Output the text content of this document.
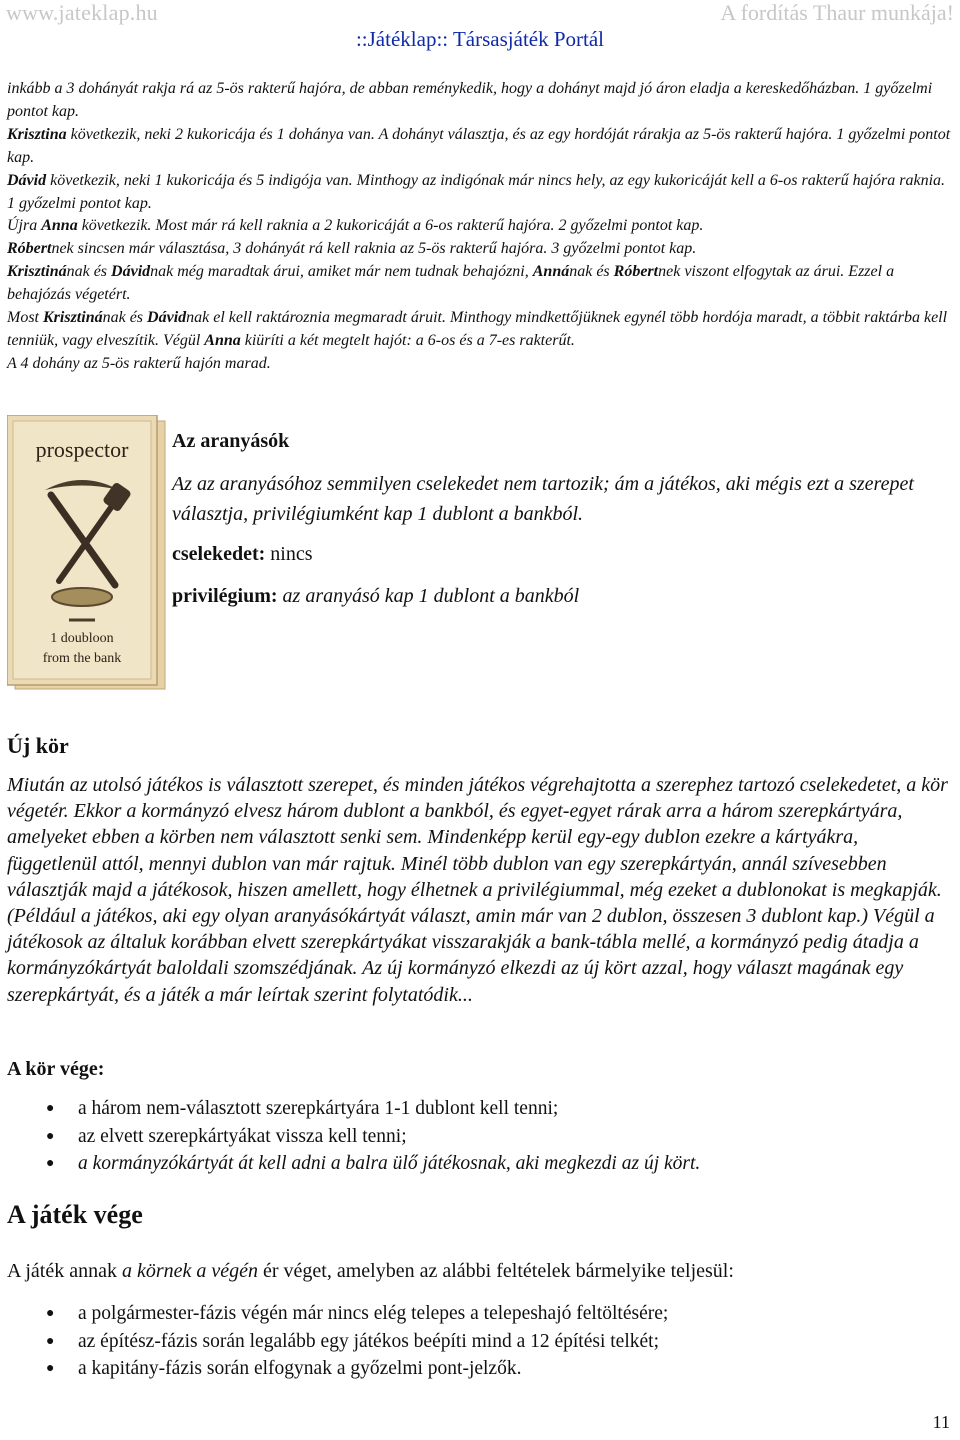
www.jateklap.hu	A fordítás Thaur munkája!
::Játéklap:: Társasjáték Portál

inkább a 3 dohányát rakja rá az 5-ös rakterű hajóra, de abban reménykedik, hogy a dohányt majd jó áron eladja a kereskedőházban. 1 győzelmi pontot kap.

Krisztina következik, neki 2 kukoricája és 1 dohánya van. A dohányt választja, és az egy hordóját rárakja az 5-ös rakterű hajóra. 1 győzelmi pontot kap.

Dávid következik, neki 1 kukoricája és 5 indigója van. Minthogy az indigónak már nincs hely, az egy kukoricáját kell a 6-os rakterű hajóra raknia. 1 győzelmi pontot kap.

Újra Anna következik. Most már rá kell raknia a 2 kukoricáját a 6-os rakterű hajóra. 2 győzelmi pontot kap.

Róbertnek sincsen már választása, 3 dohányát rá kell raknia az 5-ös rakterű hajóra. 3 győzelmi pontot kap.

Krisztinának és Dávidnak még maradtak árui, amiket már nem tudnak behajózni, Annának és Róbertnek viszont elfogytak az árui. Ezzel a behajózás végetért.

Most Krisztinának és Dávidnak el kell raktároznia megmaradt áruit. Minthogy mindkettőjüknek egynél több hordója maradt, a többit raktárba kell tenniük, vagy elveszítik. Végül Anna kiüríti a két megtelt hajót: a 6-os és a 7-es rakterűt.

A 4 dohány az 5-ös rakterű hajón marad.

prospector
1 doubloon
from the bank

Az aranyásók

Az az aranyásóhoz semmilyen cselekedet nem tartozik; ám a játékos, aki mégis ezt a szerepet választja, privilégiumként kap 1 dublont a bankból.

cselekedet: nincs

privilégium: az aranyásó kap 1 dublont a bankból

Új kör

Miután az utolsó játékos is választott szerepet, és minden játékos végrehajtotta a szerephez tartozó cselekedetet, a kör végetér. Ekkor a kormányzó elvesz három dublont a bankból, és egyet-egyet rárak arra a három szerepkártyára, amelyeket ebben a körben nem választott senki sem. Mindenképp kerül egy-egy dublon ezekre a kártyákra, függetlenül attól, mennyi dublon van már rajtuk. Minél több dublon van egy szerepkártyán, annál szívesebben választják majd a játékosok, hiszen amellett, hogy élhetnek a privilégiummal, még ezeket a dublonokat is megkapják. (Például a játékos, aki egy olyan aranyásókártyát választ, amin már van 2 dublon, összesen 3 dublont kap.) Végül a játékosok az általuk korábban elvett szerepkártyákat visszarakják a bank-tábla mellé, a kormányzó pedig átadja a kormányzókártyát baloldali szomszédjának. Az új kormányzó elkezdi az új kört azzal, hogy választ magának egy szerepkártyát, és a játék a már leírtak szerint folytatódik...

A kör vége:
● a három nem-választott szerepkártyára 1-1 dublont kell tenni;
● az elvett szerepkártyákat vissza kell tenni;
● a kormányzókártyát át kell adni a balra ülő játékosnak, aki megkezdi az új kört.
A játék vége

A játék annak a körnek a végén ér véget, amelyben az alábbi feltételek bármelyike teljesül:

● a polgármester-fázis végén már nincs elég telepes a telepeshajó feltöltésére;
● az építész-fázis során legalább egy játékos beépíti mind a 12 építési telkét;
● a kapitány-fázis során elfogynak a győzelmi pont-jelzők.
11
